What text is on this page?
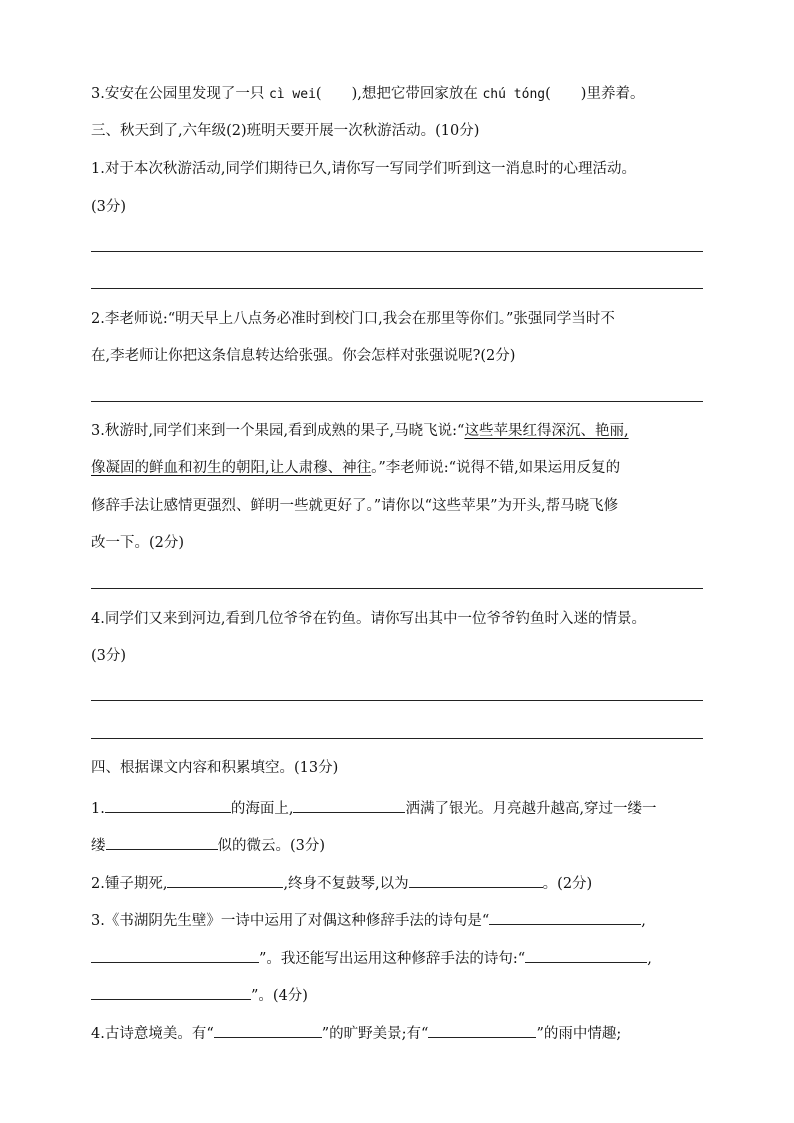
3.安安在公园里发现了一只 cì wei( ),想把它带回家放在 chú tóng( )里养着。
三、秋天到了,六年级(2)班明天要开展一次秋游活动。(10分)
1.对于本次秋游活动,同学们期待已久,请你写一写同学们听到这一消息时的心理活动。
(3分)
2.李老师说:“明天早上八点务必准时到校门口,我会在那里等你们。”张强同学当时不
在,李老师让你把这条信息转达给张强。你会怎样对张强说呢?(2分)
3.秋游时,同学们来到一个果园,看到成熟的果子,马晓飞说:“这些苹果红得深沉、艳丽,
像凝固的鲜血和初生的朝阳,让人肃穆、神往。”李老师说:“说得不错,如果运用反复的
修辞手法让感情更强烈、鲜明一些就更好了。”请你以“这些苹果”为开头,帮马晓飞修
改一下。(2分)
4.同学们又来到河边,看到几位爷爷在钓鱼。请你写出其中一位爷爷钓鱼时入迷的情景。
(3分)
四、根据课文内容和积累填空。(13分)
1.	的海面上,	洒满了银光。月亮越升越高,穿过一缕一
缕	似的微云。(3分)
2.锺子期死,	,终身不复鼓琴,以为	。(2分)
3.《书湖阴先生壁》一诗中运用了对偶这种修辞手法的诗句是“	,
”。我还能写出运用这种修辞手法的诗句:“	,
”。(4分)
4.古诗意境美。有“	”的旷野美景;有“	”的雨中情趣;
